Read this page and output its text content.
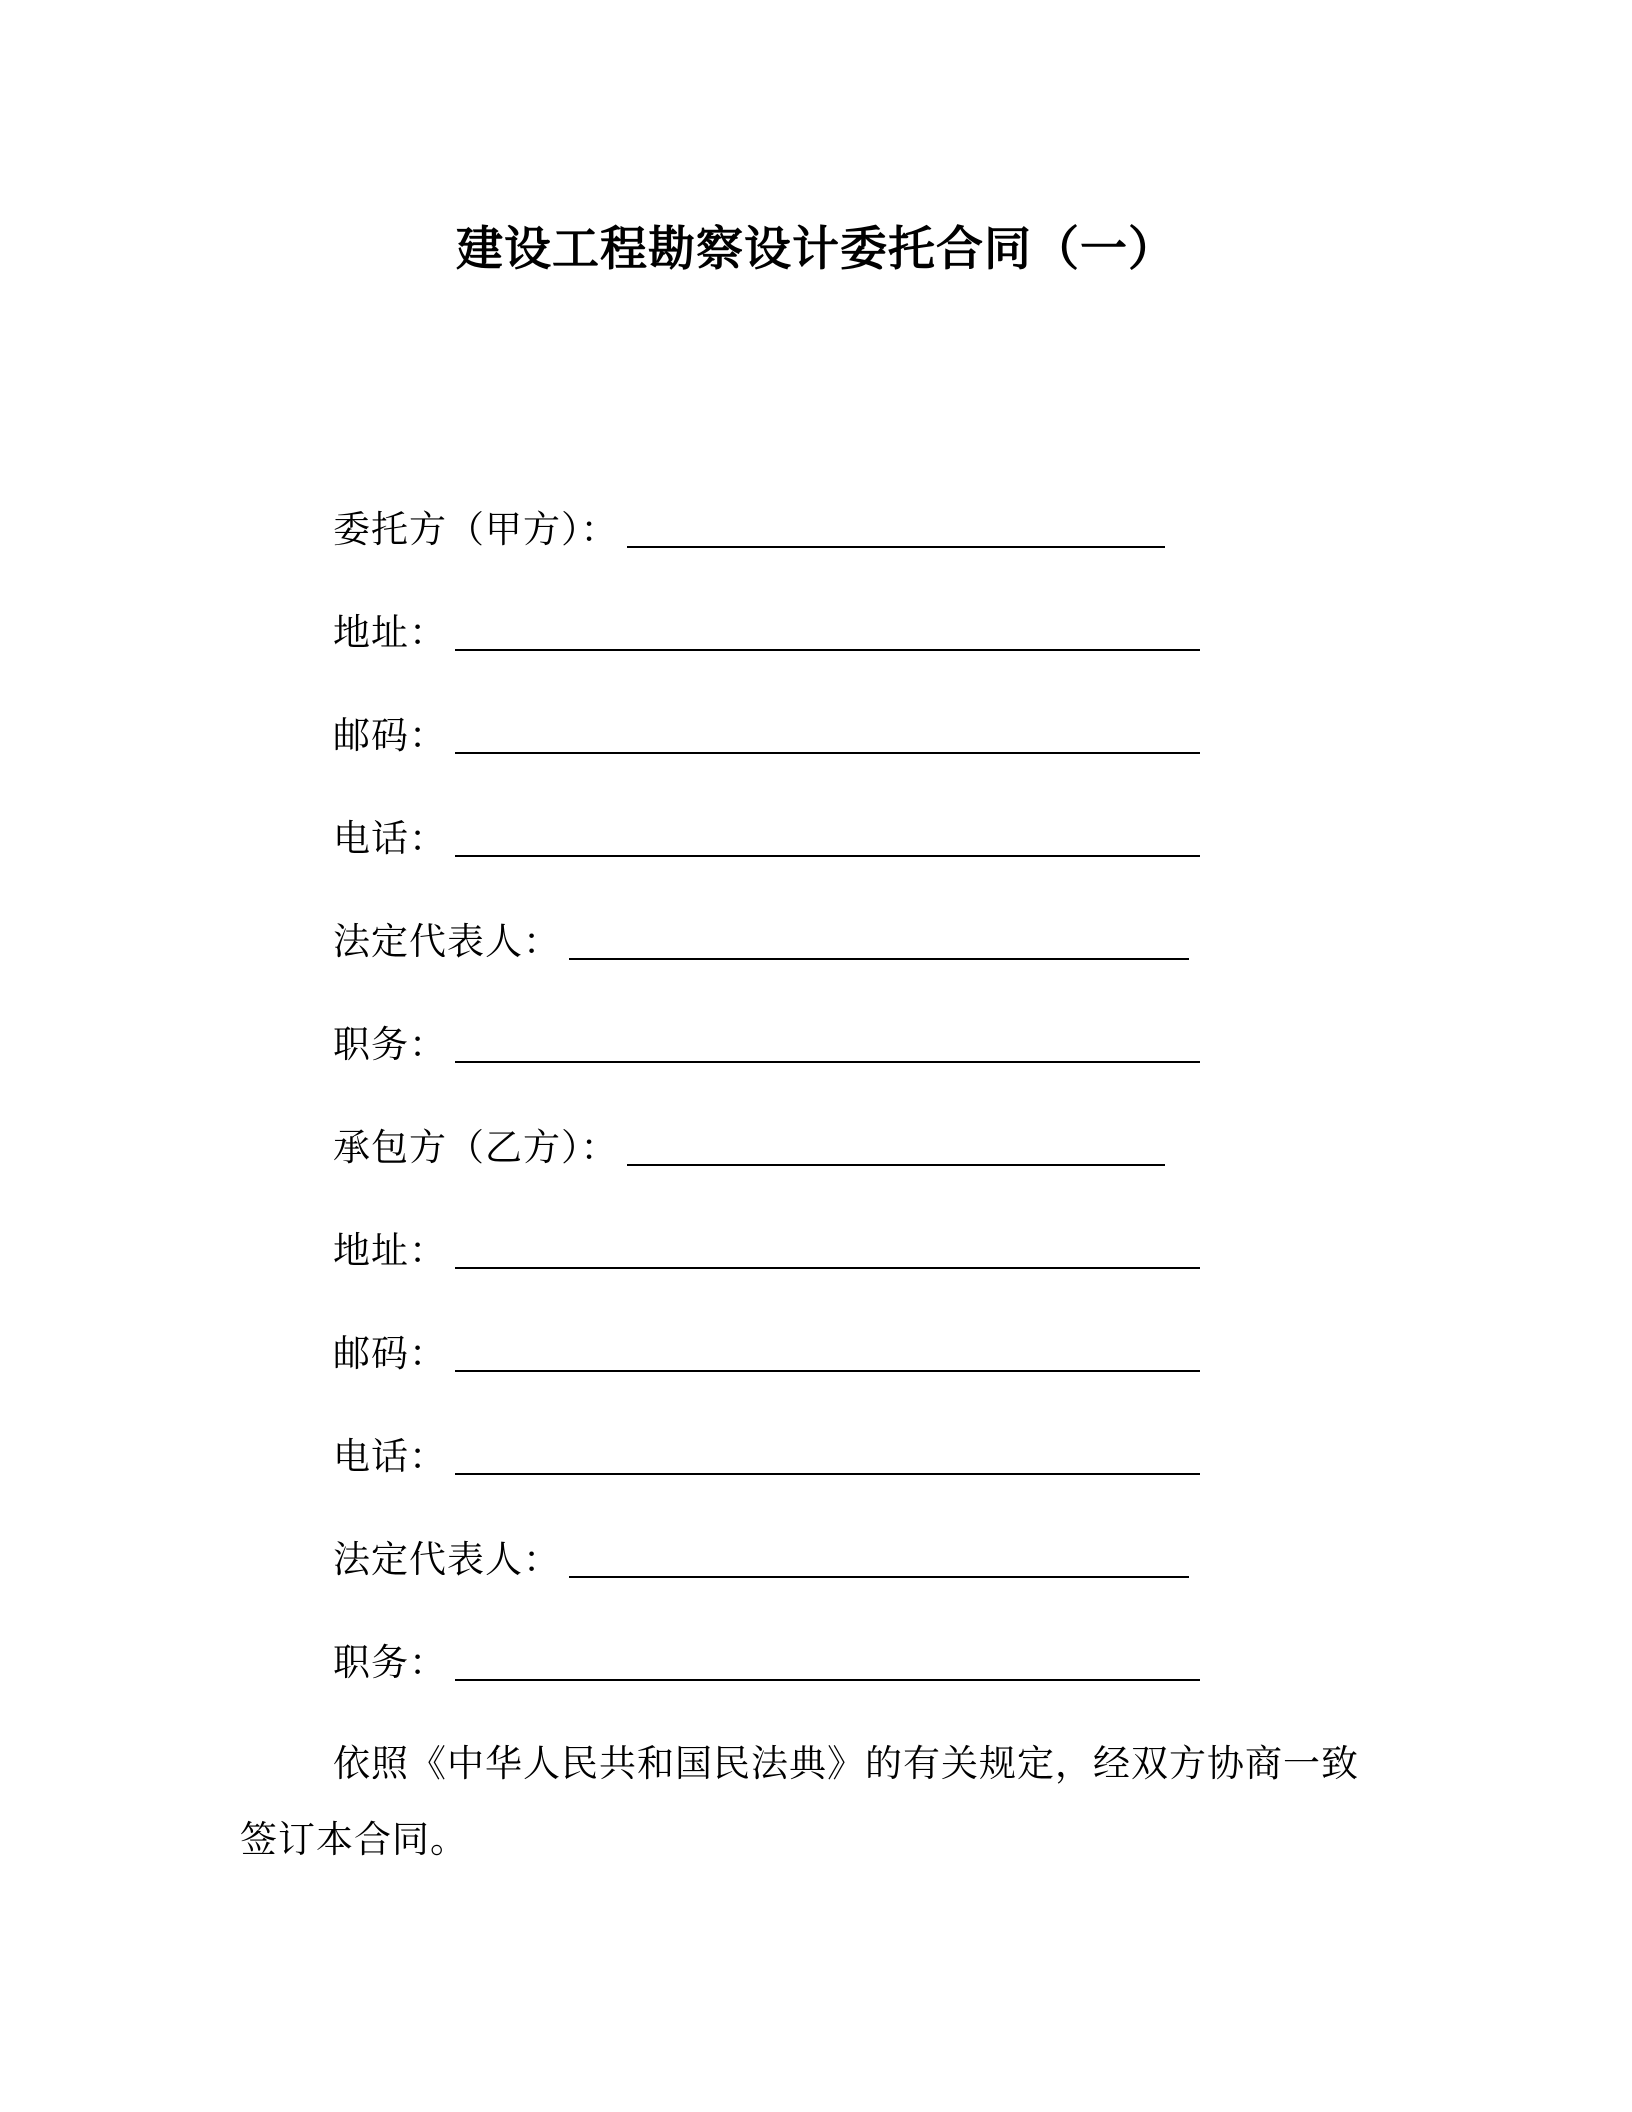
建设工程勘察设计委托合同（一）
委托方（甲方）：
地址：
邮码：
电话：
法定代表人：
职务：
承包方（乙方）：
地址：
邮码：
电话：
法定代表人：
职务：
依照《中华人民共和国民法典》的有关规定，经双方协商一致签订本合同。
